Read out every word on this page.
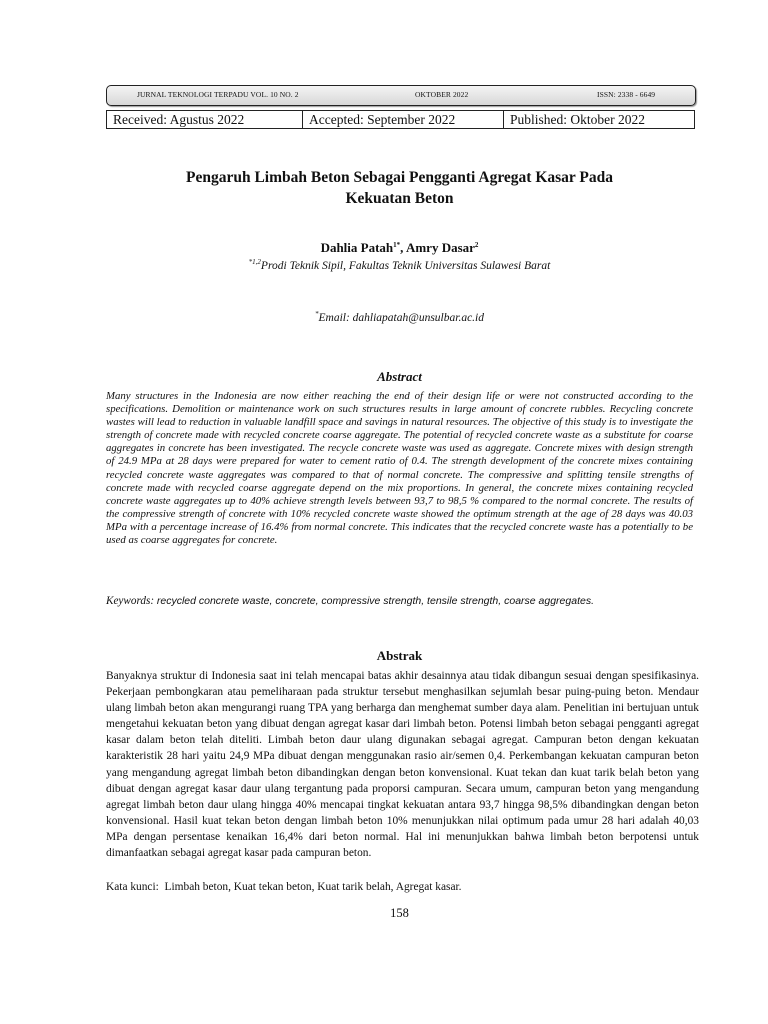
JURNAL TEKNOLOGI TERPADU VOL. 10 NO. 2	OKTOBER 2022	ISSN: 2338 - 6649
Received: Agustus 2022	Accepted: September 2022	Published: Oktober 2022
Pengaruh Limbah Beton Sebagai Pengganti Agregat Kasar Pada
Kekuatan Beton
Dahlia Patah$^{1*}$, Amry Dasar$^2$
$^{*1,2}$Prodi Teknik Sipil, Fakultas Teknik Universitas Sulawesi Barat
*Email: dahliapatah@unsulbar.ac.id
Abstract
Many structures in the Indonesia are now either reaching the end of their design life or were not constructed according to the specifications. Demolition or maintenance work on such structures results in large amount of concrete rubbles. Recycling concrete wastes will lead to reduction in valuable landfill space and savings in natural resources. The objective of this study is to investigate the strength of concrete made with recycled concrete coarse aggregate. The potential of recycled concrete waste as a substitute for coarse aggregates in concrete has been investigated. The recycle concrete waste was used as aggregate. Concrete mixes with design strength of 24.9 MPa at 28 days were prepared for water to cement ratio of 0.4. The strength development of the concrete mixes containing recycled concrete waste aggregates was compared to that of normal concrete. The compressive and splitting tensile strengths of concrete made with recycled coarse aggregate depend on the mix proportions. In general, the concrete mixes containing recycled concrete waste aggregates up to 40% achieve strength levels between 93,7 to 98,5 % compared to the normal concrete. The results of the compressive strength of concrete with 10% recycled concrete waste showed the optimum strength at the age of 28 days was 40.03 MPa with a percentage increase of 16.4% from normal concrete. This indicates that the recycled concrete waste has a potentially to be used as coarse aggregates for concrete.
Keywords: recycled concrete waste, concrete, compressive strength, tensile strength, coarse aggregates.
Abstrak
Banyaknya struktur di Indonesia saat ini telah mencapai batas akhir desainnya atau tidak dibangun sesuai dengan spesifikasinya. Pekerjaan pembongkaran atau pemeliharaan pada struktur tersebut menghasilkan sejumlah besar puing-puing beton. Mendaur ulang limbah beton akan mengurangi ruang TPA yang berharga dan menghemat sumber daya alam. Penelitian ini bertujuan untuk mengetahui kekuatan beton yang dibuat dengan agregat kasar dari limbah beton. Potensi limbah beton sebagai pengganti agregat kasar dalam beton telah diteliti. Limbah beton daur ulang digunakan sebagai agregat. Campuran beton dengan kekuatan karakteristik 28 hari yaitu 24,9 MPa dibuat dengan menggunakan rasio air/semen 0,4. Perkembangan kekuatan campuran beton yang mengandung agregat limbah beton dibandingkan dengan beton konvensional. Kuat tekan dan kuat tarik belah beton yang dibuat dengan agregat kasar daur ulang tergantung pada proporsi campuran. Secara umum, campuran beton yang mengandung agregat limbah beton daur ulang hingga 40% mencapai tingkat kekuatan antara 93,7 hingga 98,5% dibandingkan dengan beton konvensional. Hasil kuat tekan beton dengan limbah beton 10% menunjukkan nilai optimum pada umur 28 hari adalah 40,03 MPa dengan persentase kenaikan 16,4% dari beton normal. Hal ini menunjukkan bahwa limbah beton berpotensi untuk dimanfaatkan sebagai agregat kasar pada campuran beton.
Kata kunci:  Limbah beton, Kuat tekan beton, Kuat tarik belah, Agregat kasar.
158
